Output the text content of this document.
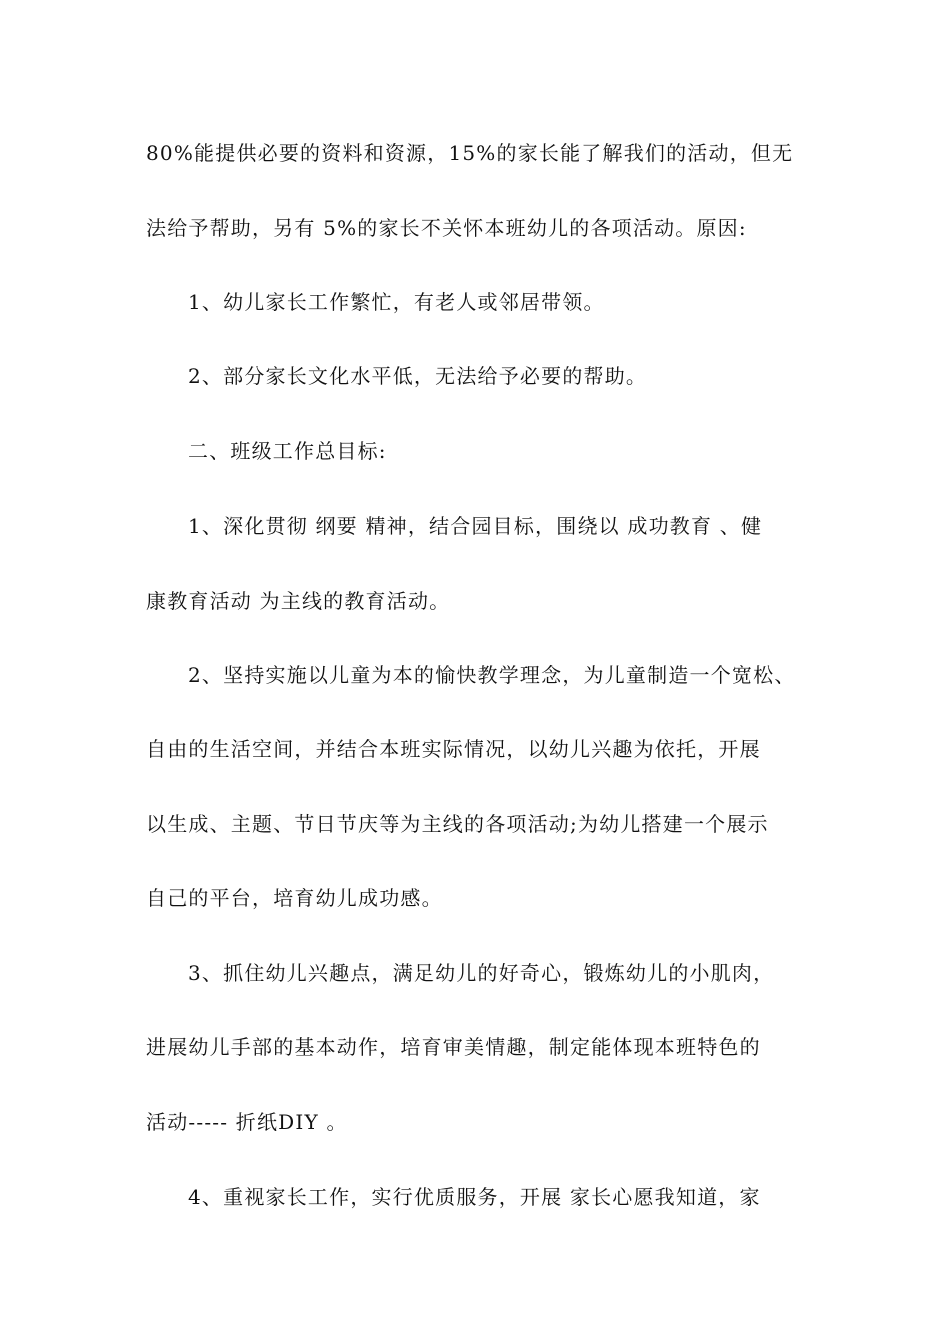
80%能提供必要的资料和资源，15%的家长能了解我们的活动，但无
法给予帮助，另有 5%的家长不关怀本班幼儿的各项活动。原因:
1、幼儿家长工作繁忙，有老人或邻居带领。
2、部分家长文化水平低，无法给予必要的帮助。
二、班级工作总目标:
1、深化贯彻 纲要 精神，结合园目标，围绕以 成功教育 、健
康教育活动 为主线的教育活动。
2、坚持实施以儿童为本的愉快教学理念，为儿童制造一个宽松、
自由的生活空间，并结合本班实际情况，以幼儿兴趣为依托，开展
以生成、主题、节日节庆等为主线的各项活动;为幼儿搭建一个展示
自己的平台，培育幼儿成功感。
3、抓住幼儿兴趣点，满足幼儿的好奇心，锻炼幼儿的小肌肉，
进展幼儿手部的基本动作，培育审美情趣，制定能体现本班特色的
活动----- 折纸DIY 。
4、重视家长工作，实行优质服务，开展 家长心愿我知道，家
